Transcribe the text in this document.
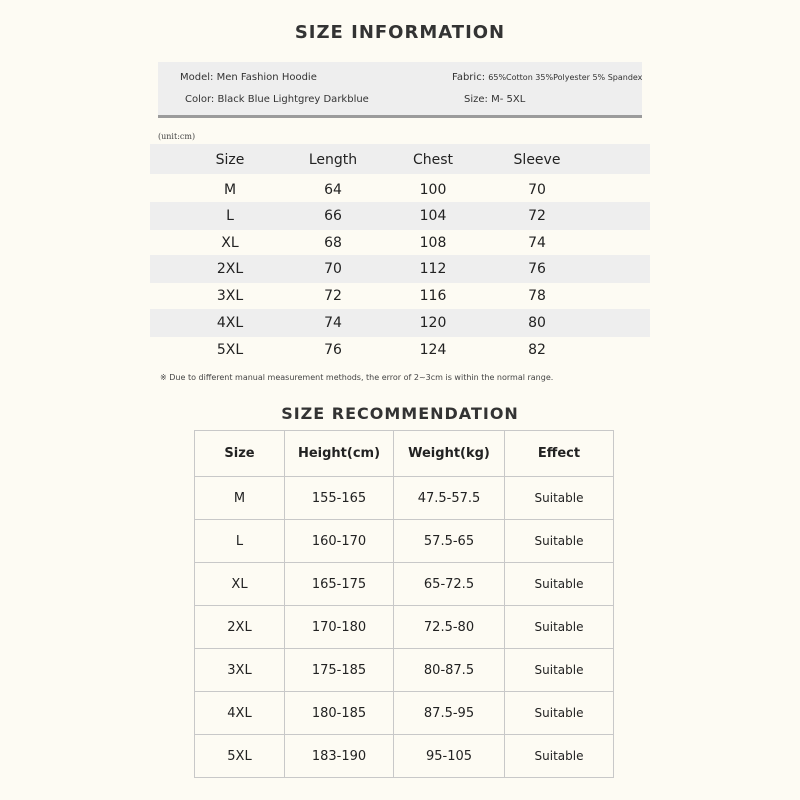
SIZE INFORMATION
Model: Men Fashion Hoodie	Fabric: 65%Cotton 35%Polyester 5% Spandex
Color: Black Blue Lightgrey Darkblue	Size: M- 5XL
(unit:cm)
Size	Length	Chest	Sleeve
M	64	100	70
L	66	104	72
XL	68	108	74
2XL	70	112	76
3XL	72	116	78
4XL	74	120	80
5XL	76	124	82
※ Due to different manual measurement methods, the error of 2~3cm is within the normal range.
SIZE RECOMMENDATION
Size	Height(cm)	Weight(kg)	Effect
M	155-165	47.5-57.5	Suitable
L	160-170	57.5-65	Suitable
XL	165-175	65-72.5	Suitable
2XL	170-180	72.5-80	Suitable
3XL	175-185	80-87.5	Suitable
4XL	180-185	87.5-95	Suitable
5XL	183-190	95-105	Suitable
